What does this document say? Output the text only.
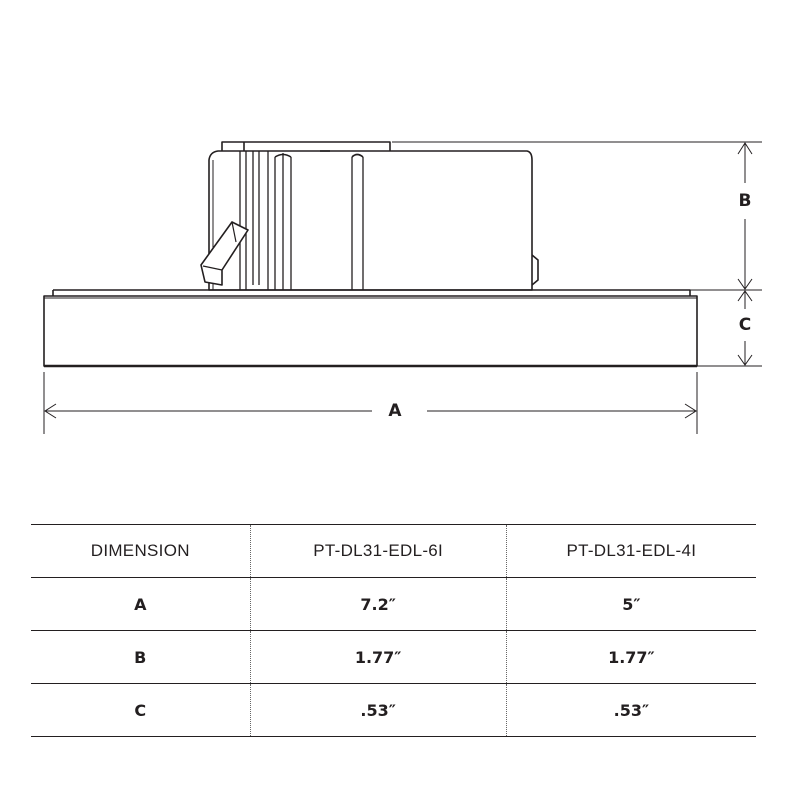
A
B
C
DIMENSION	PT-DL31-EDL-6I	PT-DL31-EDL-4I
A	7.2″	5″
B	1.77″	1.77″
C	.53″	.53″
